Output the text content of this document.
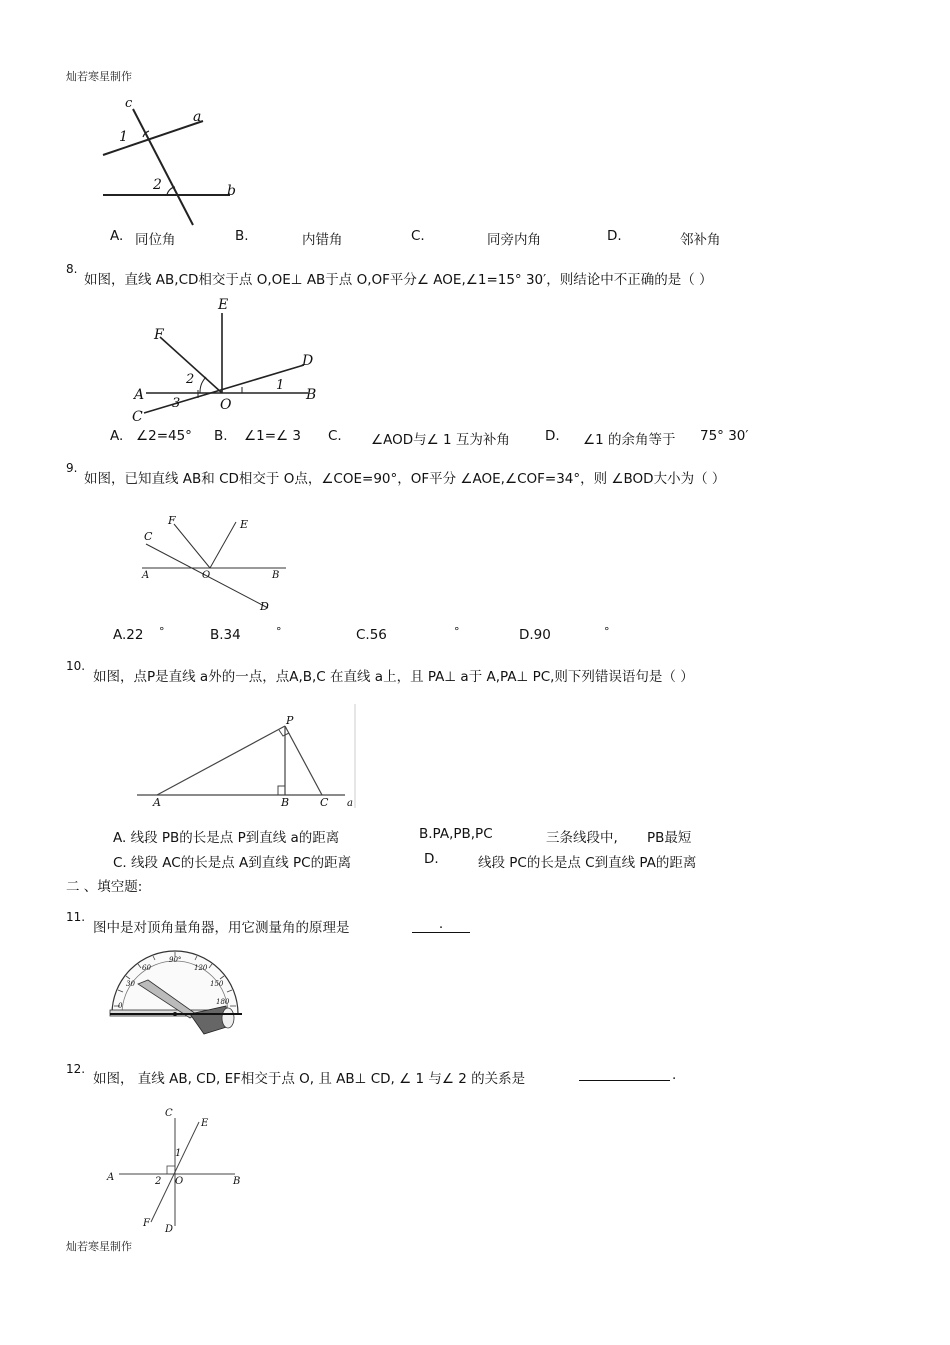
灿若寒星制作
c
a
1
2	b
A. 同位角	B.	内错角	C.	同旁内角	D.	邻补角
8.
如图，直线 AB,CD相交于点 O,OE⊥ AB于点 O,OF平分∠ AOE,∠1=15° 30′，则结论中不正确的是（ ）
E
F
D
A	B
C
O
1
2
3
A. ∠2=45° B. ∠1=∠ 3 C. ∠AOD与∠ 1 互为补角	D. ∠1 的余角等于 75° 30′
9.
如图，已知直线 AB和 CD相交于 O点，∠COE=90°，OF平分 ∠AOE,∠COF=34°，则 ∠BOD大小为（ ）
F	E
C
A	O	B
D
A.22 °	B.34	°	C.56	°	D.90	°
10.
如图，点P是直线 a外的一点，点A,B,C 在直线 a上，且 PA⊥ a于 A,PA⊥ PC,则下列错误语句是（ ）
P
A	B	C a
A. 线段 PB的长是点 P到直线 a的距离	B.PA,PB,PC	三条线段中, PB最短
C. 线段 AC的长是点 A到直线 PC的距离	D.	线段 PC的长是点 C到直线 PA的距离
二 、填空题:
11.
图中是对顶角量角器，用它测量角的原理是	.
30
60
90°
120
150
180
0
12.
如图， 直线 AB, CD, EF相交于点 O, 且 AB⊥ CD, ∠ 1 与∠ 2 的关系是	.
C
E
A	O	B
F
D
1
2
灿若寒星制作
